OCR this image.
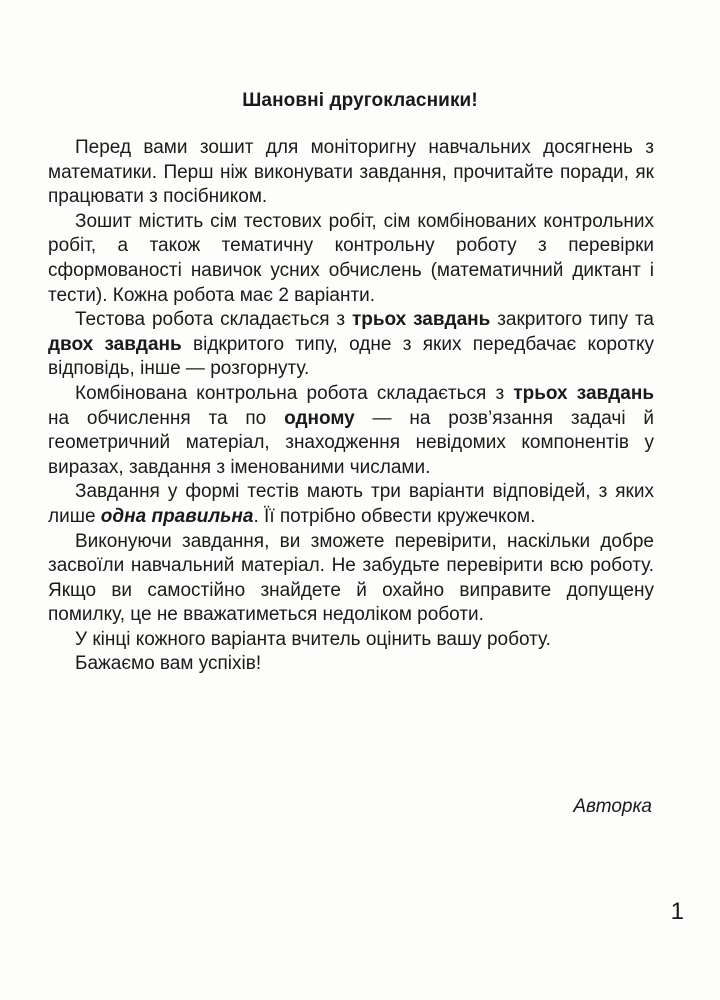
Шановні другокласники!

Перед вами зошит для моніторигну навчальних досягнень з математики. Перш ніж виконувати завдання, прочитайте поради, як працювати з посібником.

Зошит містить сім тестових робіт, сім комбінованих контрольних робіт, а також тематичну контрольну роботу з перевірки сформованості навичок усних обчислень (математичний диктант і тести). Кожна робота має 2 варіанти.

Тестова робота складається з трьох завдань закритого типу та двох завдань відкритого типу, одне з яких передбачає коротку відповідь, інше — розгорнуту.

Комбінована контрольна робота складається з трьох завдань на обчислення та по одному — на розв’язання задачі й геометричний матеріал, знаходження невідомих компонентів у виразах, завдання з іменованими числами.

Завдання у формі тестів мають три варіанти відповідей, з яких лише одна правильна. Її потрібно обвести кружечком.

Виконуючи завдання, ви зможете перевірити, наскільки добре засвоїли навчальний матеріал. Не забудьте перевірити всю роботу. Якщо ви самостійно знайдете й охайно виправите допущену помилку, це не вважатиметься недоліком роботи.

У кінці кожного варіанта вчитель оцінить вашу роботу.

Бажаємо вам успіхів!

Авторка
1
